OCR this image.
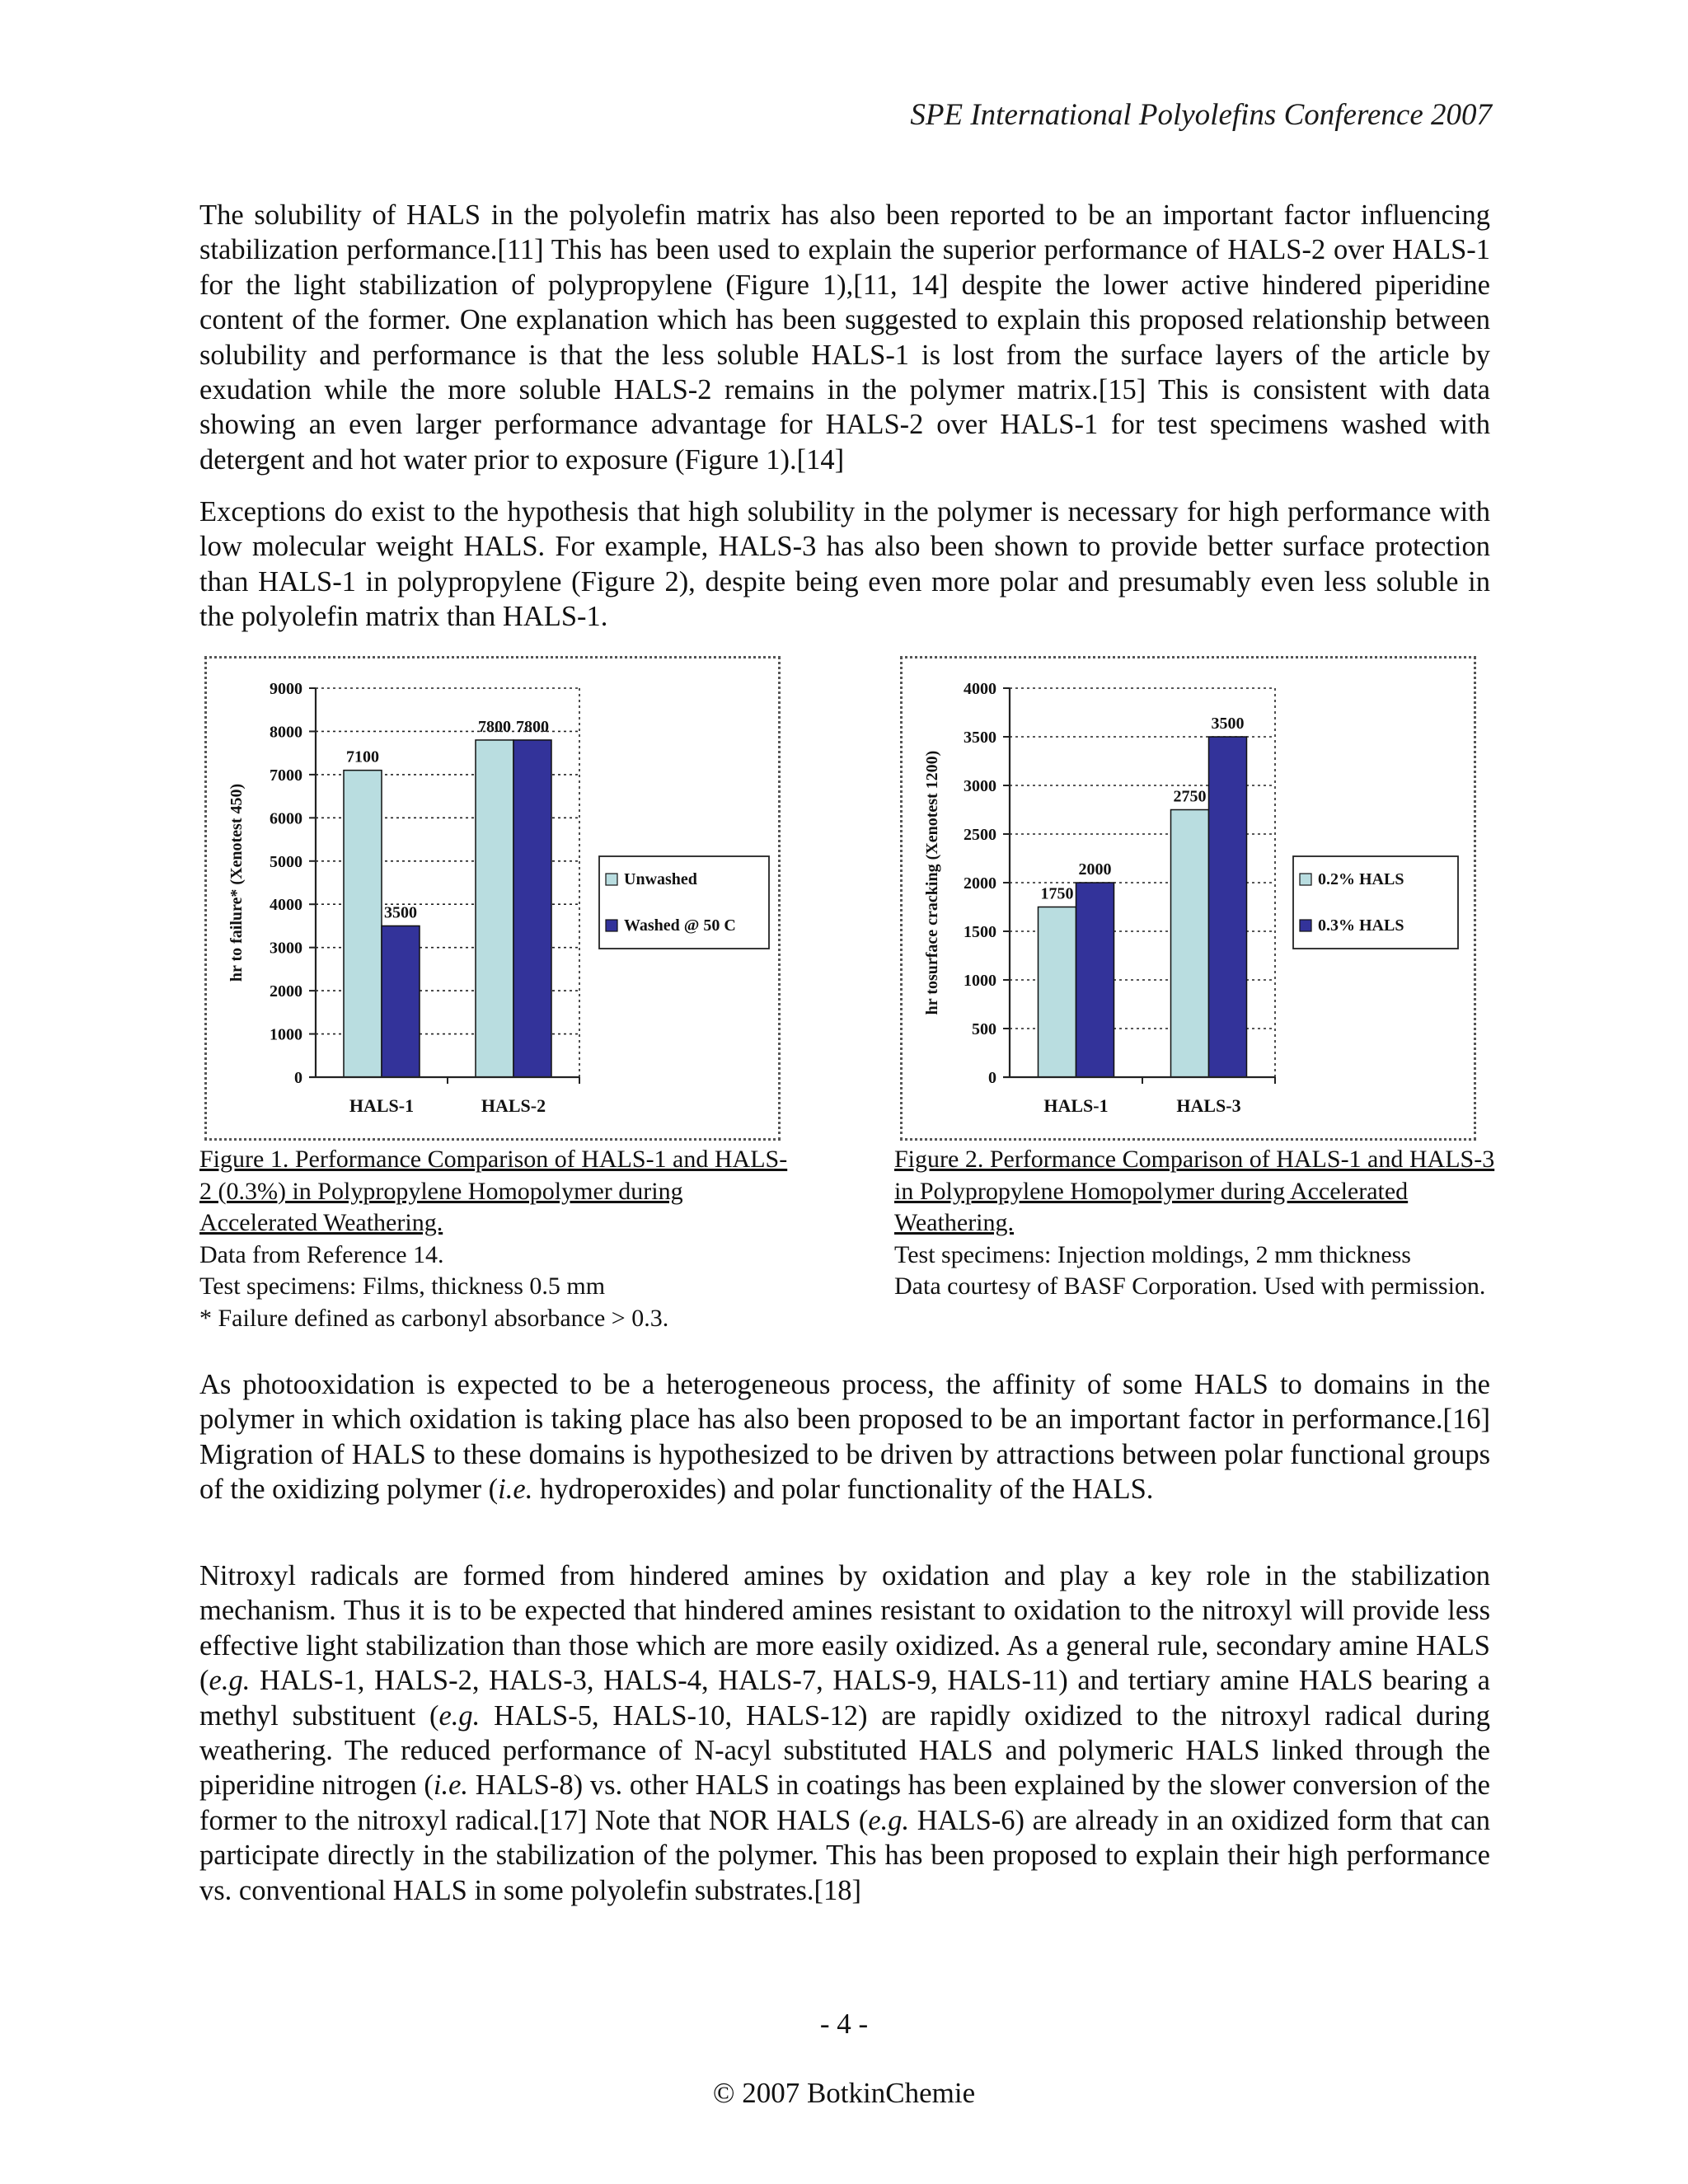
SPE International Polyolefins Conference 2007

The solubility of HALS in the polyolefin matrix has also been reported to be an important factor influencing stabilization performance.[11] This has been used to explain the superior performance of HALS-2 over HALS-1 for the light stabilization of polypropylene (Figure 1),[11, 14] despite the lower active hindered piperidine content of the former. One explanation which has been suggested to explain this proposed relationship between solubility and performance is that the less soluble HALS-1 is lost from the surface layers of the article by exudation while the more soluble HALS-2 remains in the polymer matrix.[15] This is consistent with data showing an even larger performance advantage for HALS-2 over HALS-1 for test specimens washed with detergent and hot water prior to exposure (Figure 1).[14]

Exceptions do exist to the hypothesis that high solubility in the polymer is necessary for high performance with low molecular weight HALS. For example, HALS-3 has also been shown to provide better surface protection than HALS-1 in polypropylene (Figure 2), despite being even more polar and presumably even less soluble in the polyolefin matrix than HALS-1.

0
1000
2000
3000
4000
5000
6000
7000
8000
9000
7100
3500
HALS-1
7800 7800
HALS-2
hr to failure* (Xenotest 450)	Unwashed
Washed @ 50 C
0
500
1000
1500
2000
2500
3000
3500
4000
1750
2000
HALS-1
2750
3500
HALS-3
hr tosurface cracking (Xenotest 1200)	0.2% HALS
0.3% HALS
Figure 1. Performance Comparison of HALS-1 and HALS-2 (0.3%) in Polypropylene Homopolymer during Accelerated Weathering.
Data from Reference 14.
Test specimens: Films, thickness 0.5 mm
* Failure defined as carbonyl absorbance > 0.3.
Figure 2. Performance Comparison of HALS-1 and HALS-3 in Polypropylene Homopolymer during Accelerated Weathering.
Test specimens: Injection moldings, 2 mm thickness
Data courtesy of BASF Corporation. Used with permission.

As photooxidation is expected to be a heterogeneous process, the affinity of some HALS to domains in the polymer in which oxidation is taking place has also been proposed to be an important factor in performance.[16] Migration of HALS to these domains is hypothesized to be driven by attractions between polar functional groups of the oxidizing polymer (i.e. hydroperoxides) and polar functionality of the HALS.

Nitroxyl radicals are formed from hindered amines by oxidation and play a key role in the stabilization mechanism. Thus it is to be expected that hindered amines resistant to oxidation to the nitroxyl will provide less effective light stabilization than those which are more easily oxidized. As a general rule, secondary amine HALS (e.g. HALS-1, HALS-2, HALS-3, HALS-4, HALS-7, HALS-9, HALS-11) and tertiary amine HALS bearing a methyl substituent (e.g. HALS-5, HALS-10, HALS-12) are rapidly oxidized to the nitroxyl radical during weathering. The reduced performance of N-acyl substituted HALS and polymeric HALS linked through the piperidine nitrogen (i.e. HALS-8) vs. other HALS in coatings has been explained by the slower conversion of the former to the nitroxyl radical.[17] Note that NOR HALS (e.g. HALS-6) are already in an oxidized form that can participate directly in the stabilization of the polymer. This has been proposed to explain their high performance vs. conventional HALS in some polyolefin substrates.[18]

- 4 -
© 2007 BotkinChemie
